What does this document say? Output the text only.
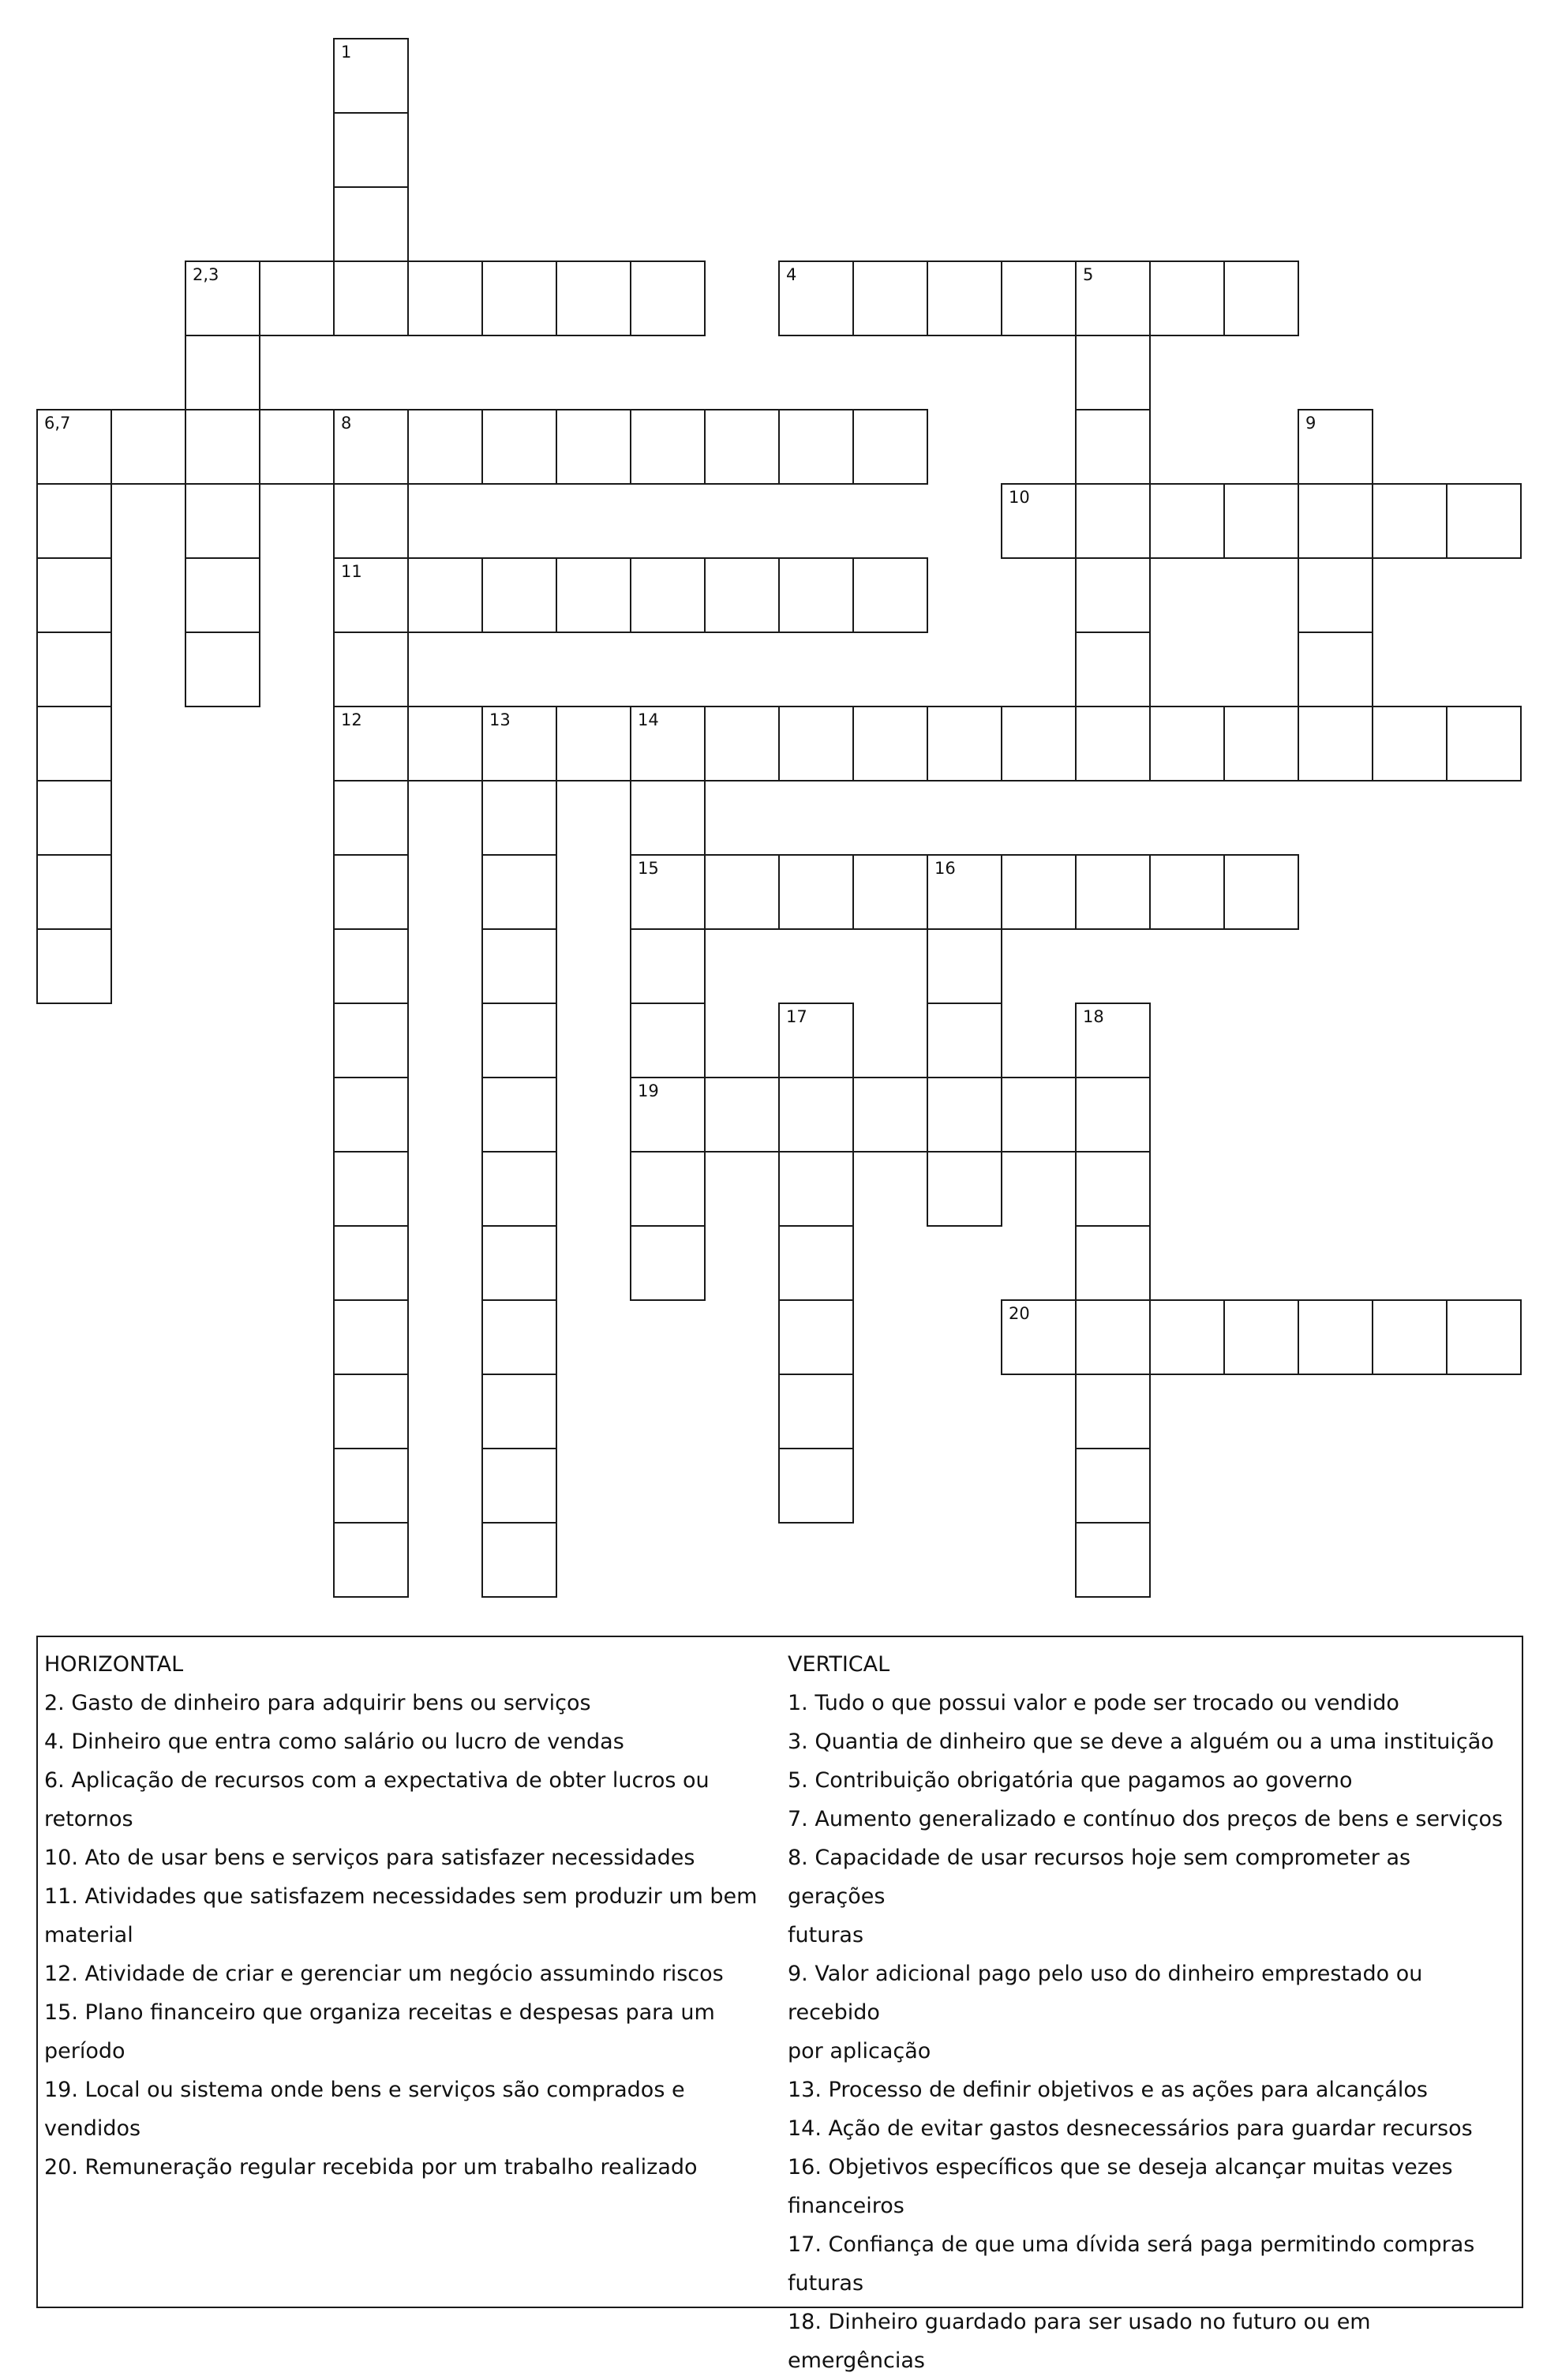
1
2,3	4	5
6,7	8	9
10
11
12	13	14
15	16
17	18
19
20
HORIZONTAL
2. Gasto de dinheiro para adquirir bens ou serviços
4. Dinheiro que entra como salário ou lucro de vendas
6. Aplicação de recursos com a expectativa de obter lucros ou
retornos
10. Ato de usar bens e serviços para satisfazer necessidades
11. Atividades que satisfazem necessidades sem produzir um bem
material
12. Atividade de criar e gerenciar um negócio assumindo riscos
15. Plano financeiro que organiza receitas e despesas para um
período
19. Local ou sistema onde bens e serviços são comprados e vendidos
20. Remuneração regular recebida por um trabalho realizado
VERTICAL
1. Tudo o que possui valor e pode ser trocado ou vendido
3. Quantia de dinheiro que se deve a alguém ou a uma instituição
5. Contribuição obrigatória que pagamos ao governo
7. Aumento generalizado e contínuo dos preços de bens e serviços
8. Capacidade de usar recursos hoje sem comprometer as gerações
futuras
9. Valor adicional pago pelo uso do dinheiro emprestado ou recebido
por aplicação
13. Processo de definir objetivos e as ações para alcançálos
14. Ação de evitar gastos desnecessários para guardar recursos
16. Objetivos específicos que se deseja alcançar muitas vezes
financeiros
17. Confiança de que uma dívida será paga permitindo compras
futuras
18. Dinheiro guardado para ser usado no futuro ou em emergências
